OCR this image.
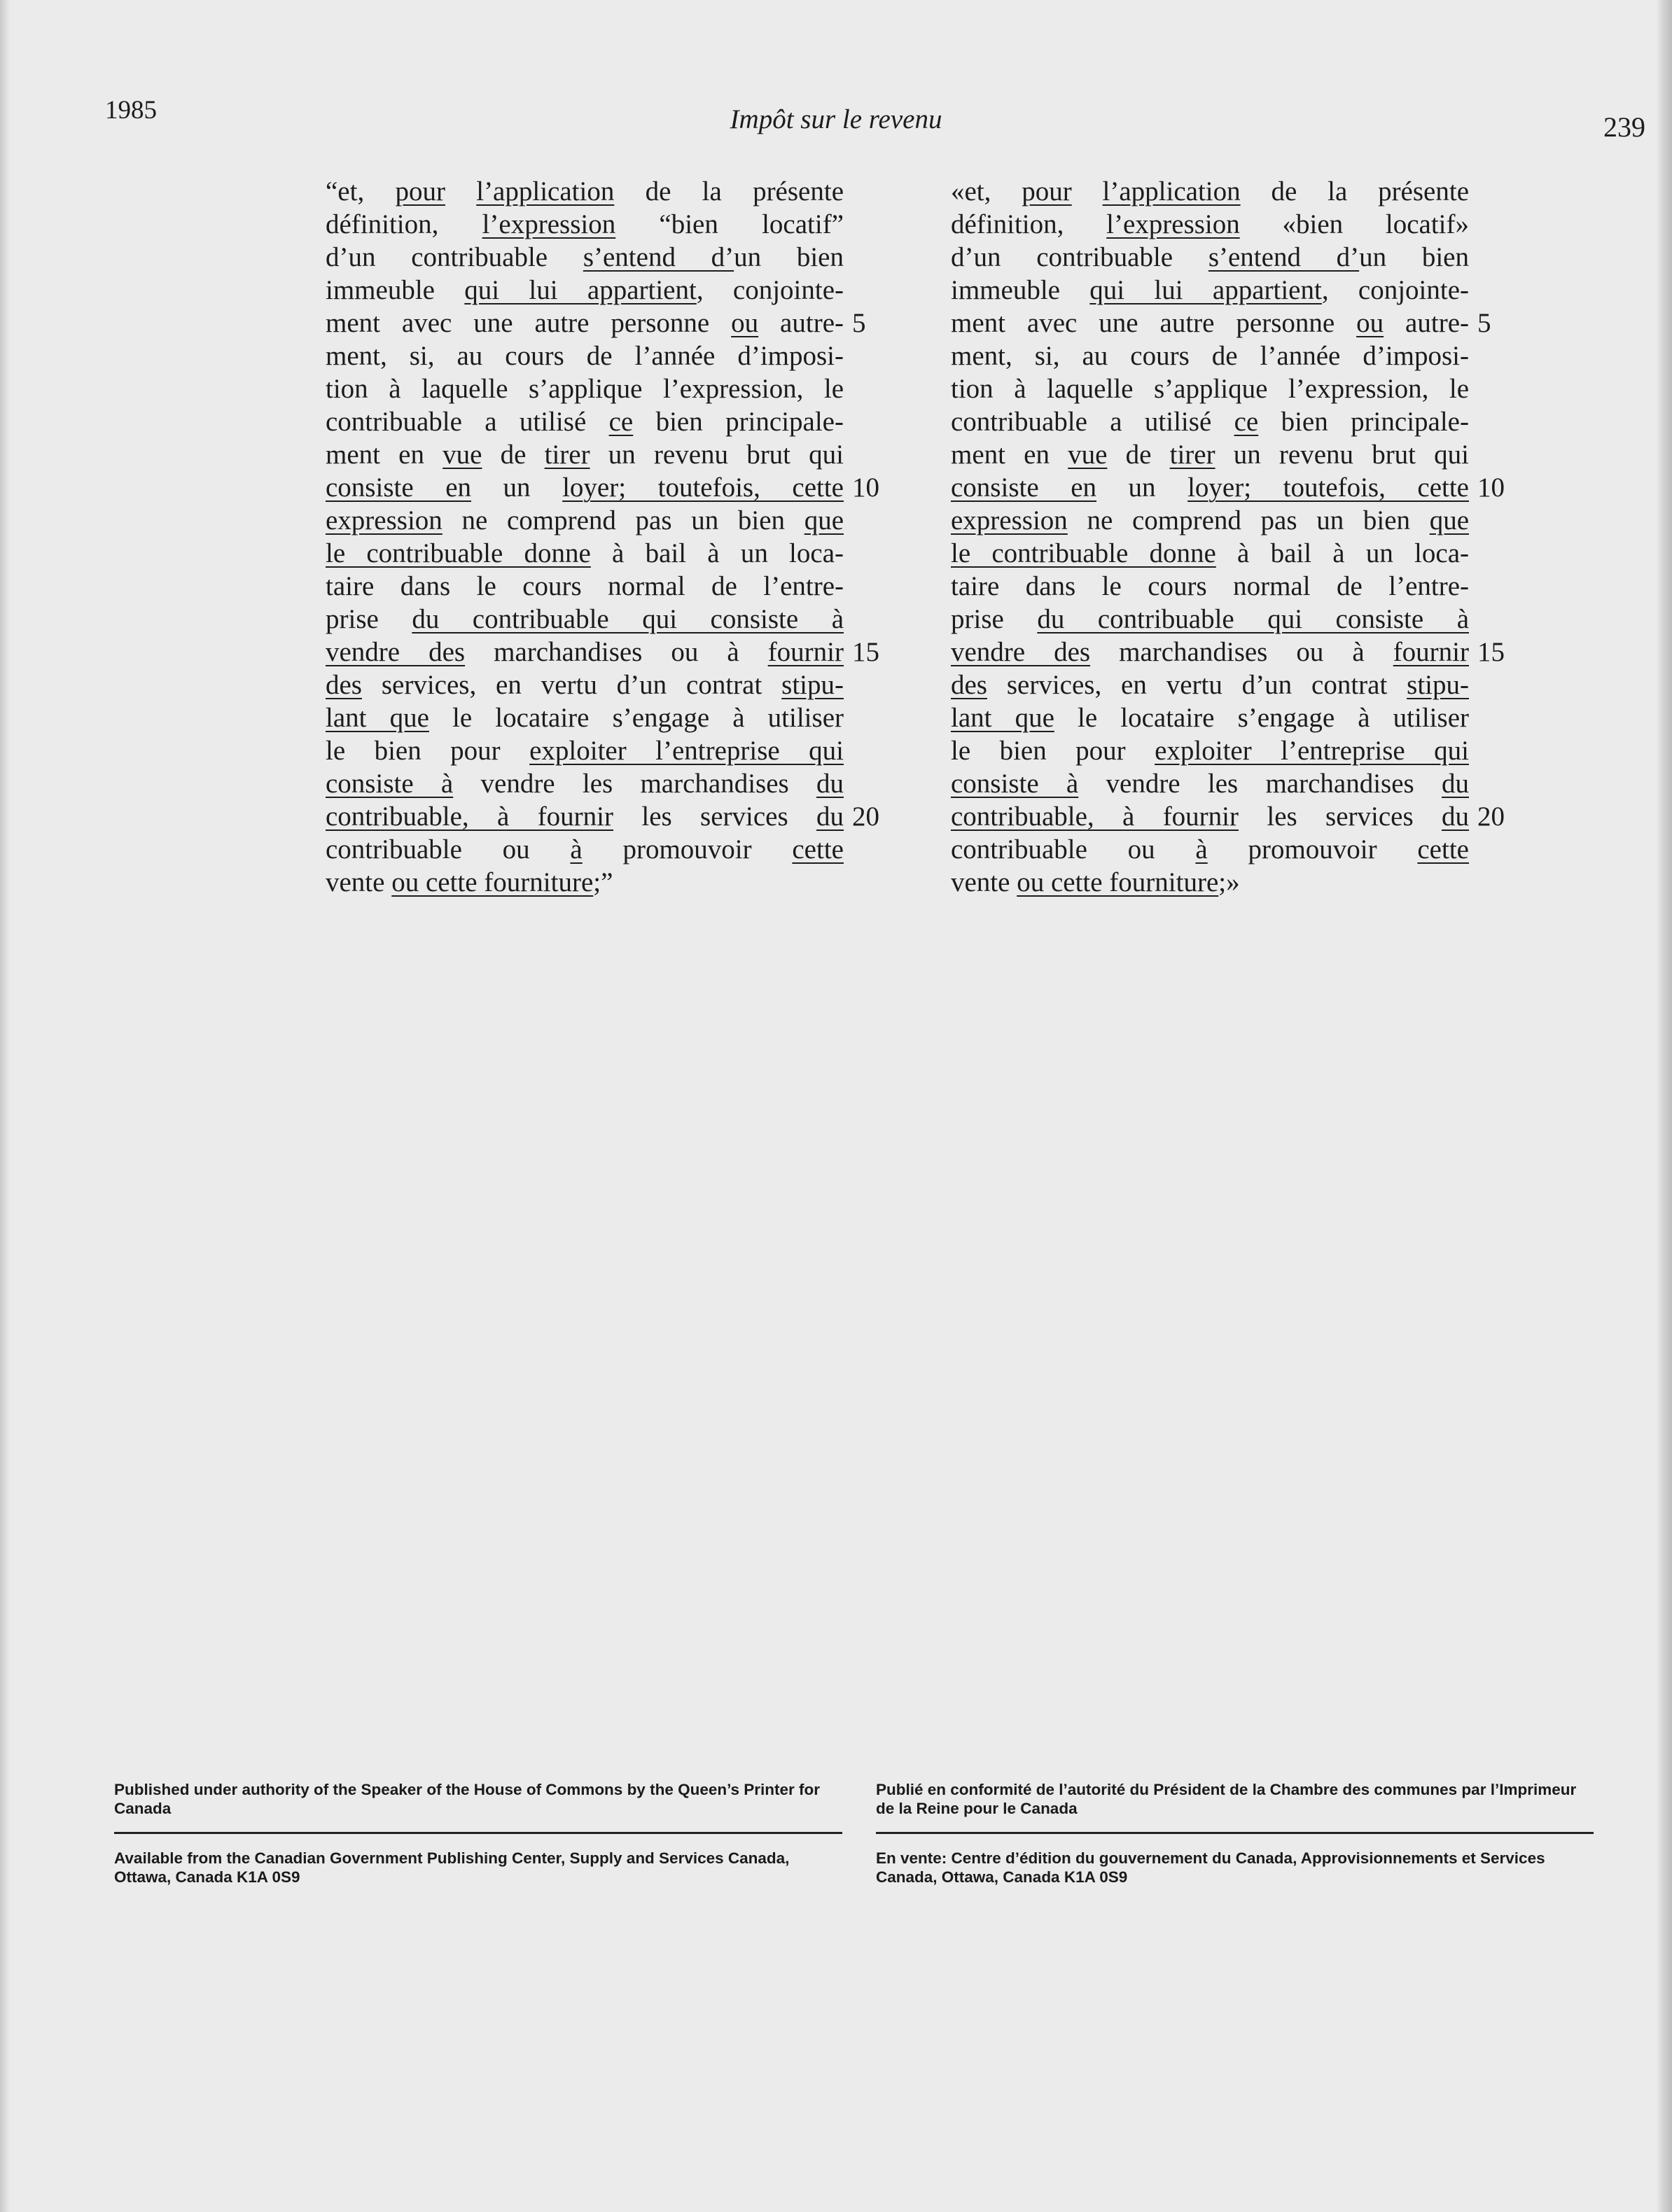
1985	Impôt sur le revenu	239
“et, pour l’application de la présente
définition, l’expression “bien locatif”
d’un contribuable s’entend d’un bien
immeuble qui lui appartient, conjointe-
ment avec une autre personne ou autre- 5
ment, si, au cours de l’année d’imposi-
tion à laquelle s’applique l’expression, le
contribuable a utilisé ce bien principale-
ment en vue de tirer un revenu brut qui
consiste en un loyer; toutefois, cette 10
expression ne comprend pas un bien que
le contribuable donne à bail à un loca-
taire dans le cours normal de l’entre-
prise du contribuable qui consiste à
vendre des marchandises ou à fournir 15
des services, en vertu d’un contrat stipu-
lant que le locataire s’engage à utiliser
le bien pour exploiter l’entreprise qui
consiste à vendre les marchandises du
contribuable, à fournir les services du 20
contribuable ou à promouvoir cette
vente ou cette fourniture;”
«et, pour l’application de la présente
définition, l’expression «bien locatif»
d’un contribuable s’entend d’un bien
immeuble qui lui appartient, conjointe-
ment avec une autre personne ou autre- 5
ment, si, au cours de l’année d’imposi-
tion à laquelle s’applique l’expression, le
contribuable a utilisé ce bien principale-
ment en vue de tirer un revenu brut qui
consiste en un loyer; toutefois, cette 10
expression ne comprend pas un bien que
le contribuable donne à bail à un loca-
taire dans le cours normal de l’entre-
prise du contribuable qui consiste à
vendre des marchandises ou à fournir 15
des services, en vertu d’un contrat stipu-
lant que le locataire s’engage à utiliser
le bien pour exploiter l’entreprise qui
consiste à vendre les marchandises du
contribuable, à fournir les services du 20
contribuable ou à promouvoir cette
vente ou cette fourniture;»

Published under authority of the Speaker of the House of Commons by the Queen’s Printer for Canada

Available from the Canadian Government Publishing Center, Supply and Services Canada, Ottawa, Canada K1A 0S9

Publié en conformité de l’autorité du Président de la Chambre des communes par l’Imprimeur de la Reine pour le Canada

En vente: Centre d’édition du gouvernement du Canada, Approvisionnements et Services Canada, Ottawa, Canada K1A 0S9
